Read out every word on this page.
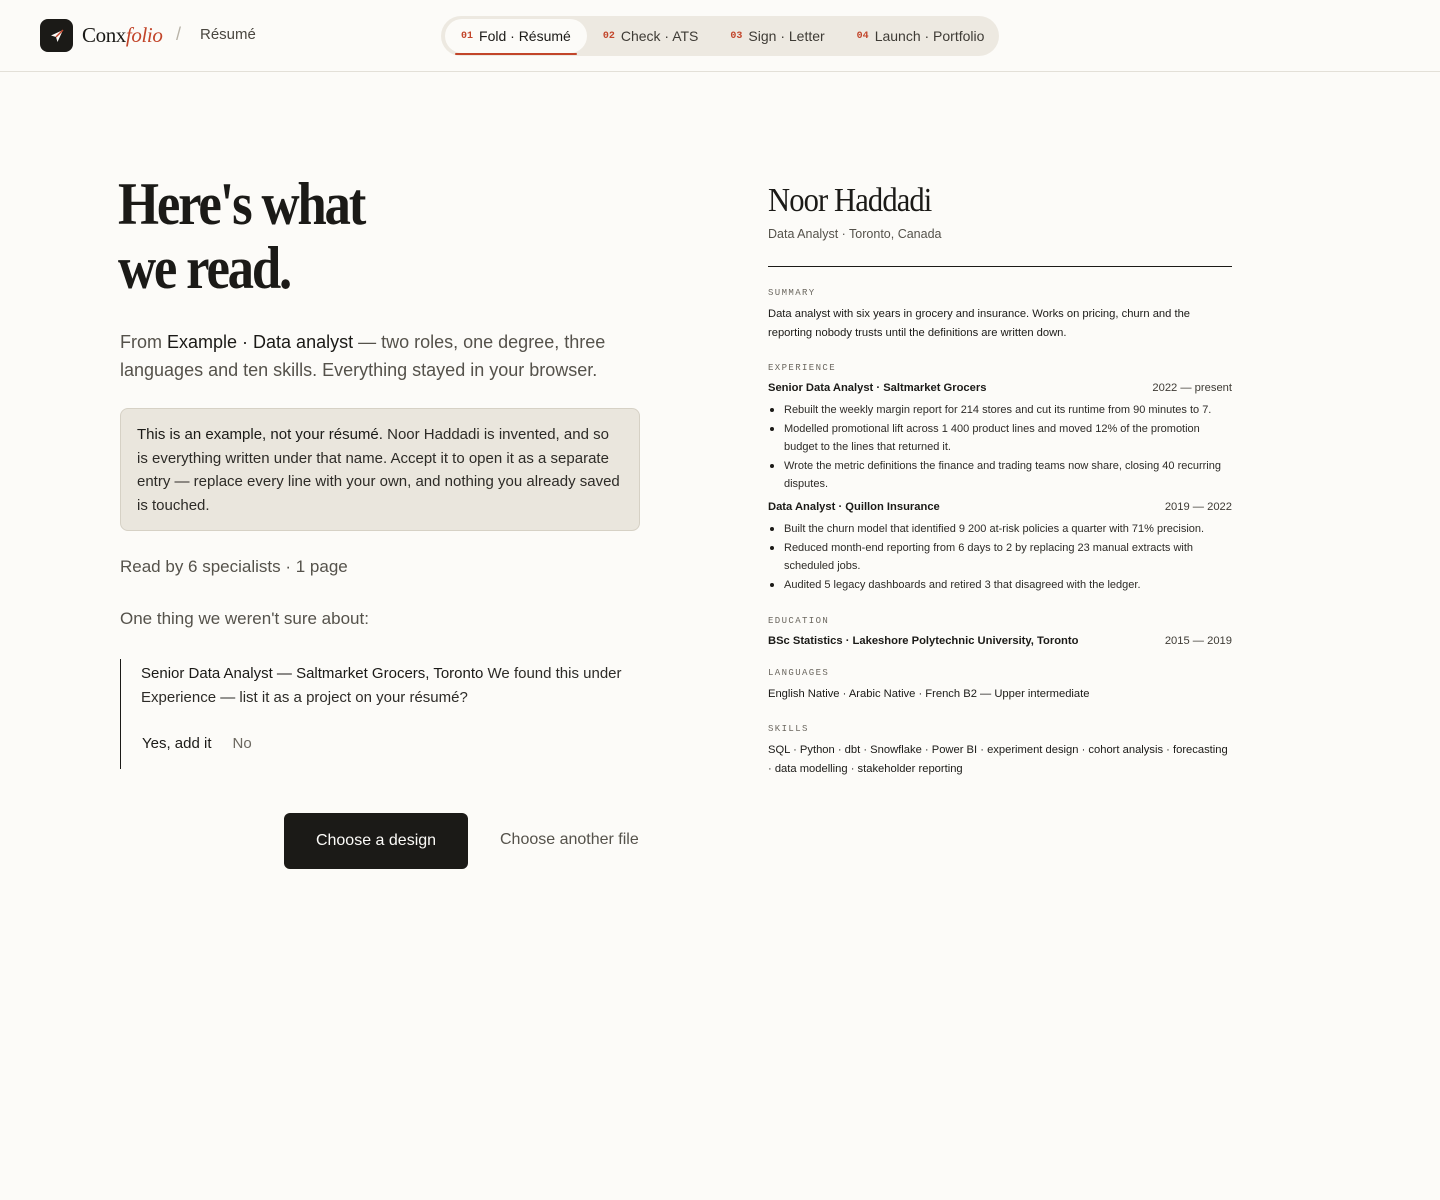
Conxfolio / Résumé	01 Fold · Résumé	02 Check · ATS	03 Sign · Letter	04 Launch · Portfolio
Here's what
we read.

From Example · Data analyst — two roles, one degree, three languages and ten skills. Everything stayed in your browser.

This is an example, not your résumé. Noor Haddadi is invented, and so is everything written under that name. Accept it to open it as a separate entry — replace every line with your own, and nothing you already saved is touched.
Read by 6 specialists · 1 page
One thing we weren't sure about:

Senior Data Analyst — Saltmarket Grocers, Toronto We found this under Experience — list it as a project on your résumé?

Yes, add it No
Choose a design	Choose another file
Noor Haddadi
Data Analyst · Toronto, Canada
SUMMARY

Data analyst with six years in grocery and insurance. Works on pricing, churn and the reporting nobody trusts until the definitions are written down.

EXPERIENCE
Senior Data Analyst · Saltmarket Grocers	2022 — present
Rebuilt the weekly margin report for 214 stores and cut its runtime from 90 minutes to 7.
Modelled promotional lift across 1 400 product lines and moved 12% of the promotion budget to the lines that returned it.
Wrote the metric definitions the finance and trading teams now share, closing 40 recurring disputes.
Data Analyst · Quillon Insurance	2019 — 2022
Built the churn model that identified 9 200 at-risk policies a quarter with 71% precision.
Reduced month-end reporting from 6 days to 2 by replacing 23 manual extracts with scheduled jobs.
Audited 5 legacy dashboards and retired 3 that disagreed with the ledger.
EDUCATION
BSc Statistics · Lakeshore Polytechnic University, Toronto	2015 — 2019
LANGUAGES

English Native · Arabic Native · French B2 — Upper intermediate

SKILLS

SQL · Python · dbt · Snowflake · Power BI · experiment design · cohort analysis · forecasting · data modelling · stakeholder reporting
